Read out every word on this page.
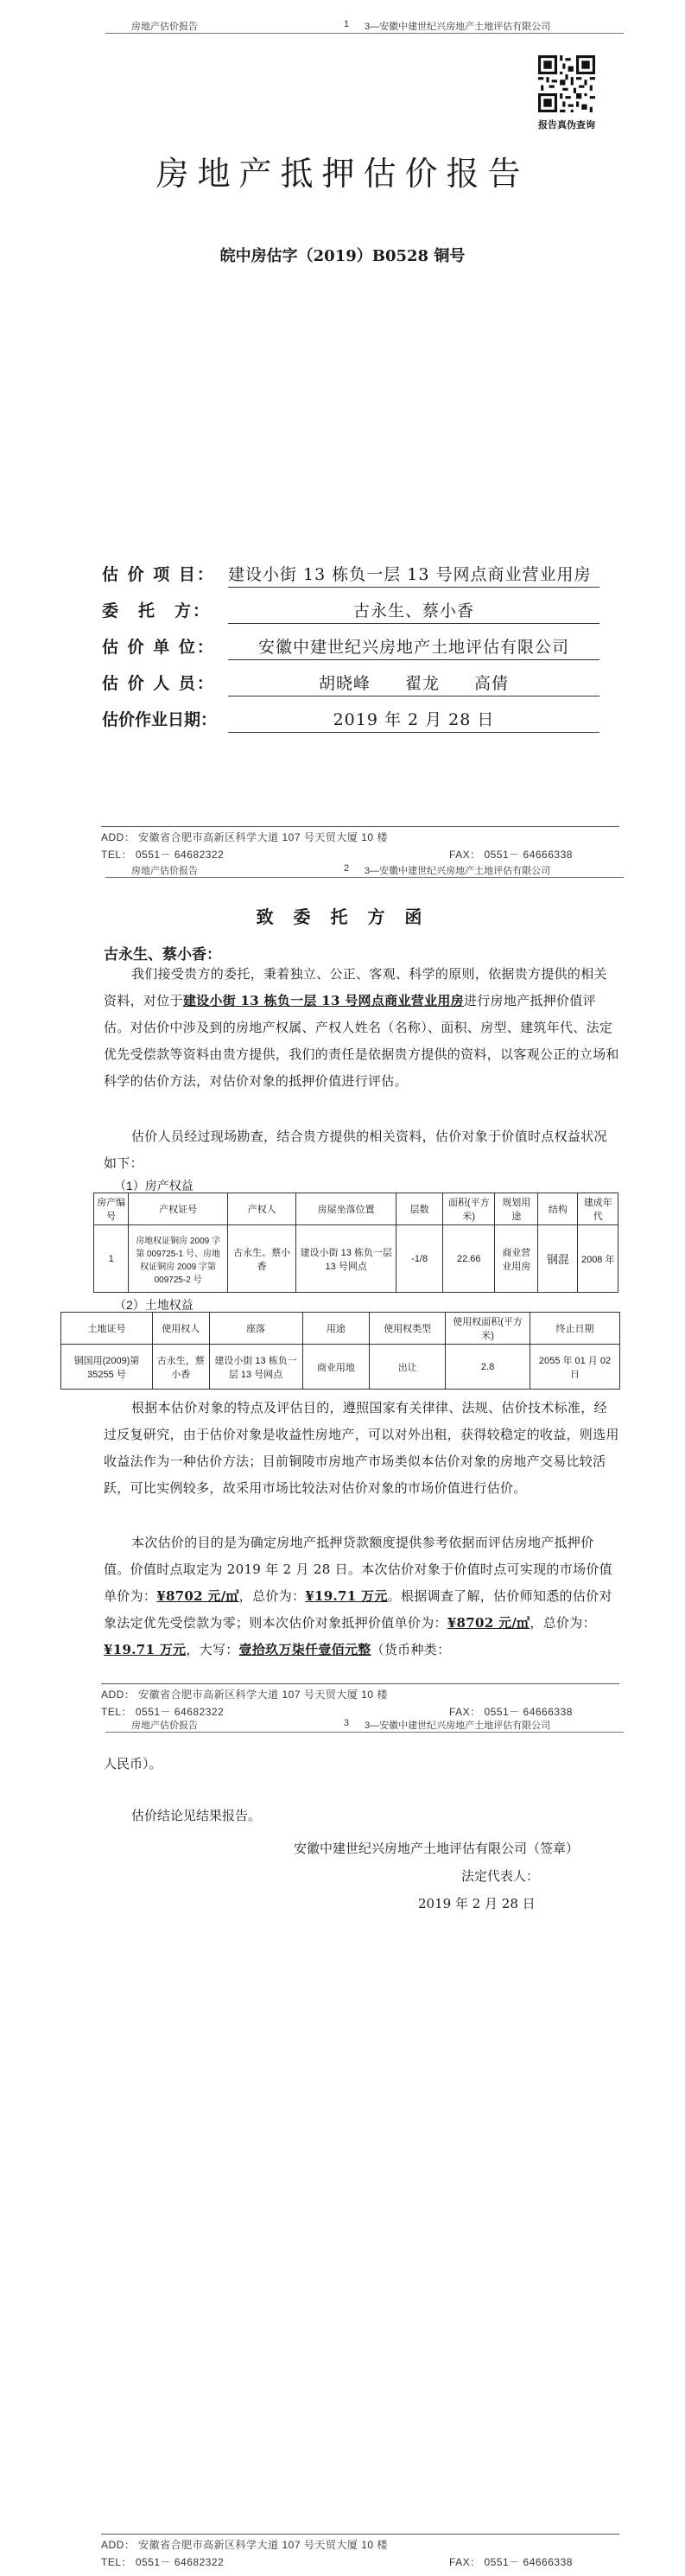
房地产估价报告	1 3—安徽中建世纪兴房地产土地评估有限公司
报告真伪查询
房地产抵押估价报告
皖中房估字（2019）B0528 铜号
估 价 项 目： 建设小街 13 栋负一层 13 号网点商业营业用房
委　托　方：	古永生、蔡小香
估 价 单 位：	安徽中建世纪兴房地产土地评估有限公司
估 价 人 员：	胡晓峰　　翟龙　　高倩
估价作业日期：	2019 年 2 月 28 日
ADD： 安徽省合肥市高新区科学大道 107 号天贸大厦 10 楼
TEL： 0551－ 64682322	FAX： 0551－ 64666338
房地产估价报告	2 3—安徽中建世纪兴房地产土地评估有限公司
致 委 托 方 函
古永生、蔡小香：
我们接受贵方的委托，秉着独立、公正、客观、科学的原则，依据贵方提供的相关资料，对位于建设小街 13 栋负一层 13 号网点商业营业用房进行房地产抵押价值评估。对估价中涉及到的房地产权属、产权人姓名（名称）、面积、房型、建筑年代、法定优先受偿款等资料由贵方提供，我们的责任是依据贵方提供的资料，以客观公正的立场和科学的估价方法，对估价对象的抵押价值进行评估。
估价人员经过现场勘查，结合贵方提供的相关资料，估价对象于价值时点权益状况如下：
（1）房产权益
房产编号	产权证号	产权人	房屋坐落位置	层数	面积(平方米)	规划用途	结构	建成年代
1	房地权证铜房 2009 字第 009725-1 号、房地权证铜房 2009 字第 009725-2 号	古永生、蔡小香	建设小街 13 栋负一层 13 号网点	-1/8	22.66	商业营业用房	钢混	2008 年
（2）土地权益
土地证号	使用权人	座落	用途	使用权类型	使用权面积(平方米)	终止日期
铜国用(2009)第 35255 号	古永生，蔡小香	建设小街 13 栋负一层 13 号网点	商业用地	出让	2.8	2055 年 01 月 02 日
根据本估价对象的特点及评估目的，遵照国家有关律律、法规、估价技术标准，经过反复研究，由于估价对象是收益性房地产，可以对外出租，获得较稳定的收益，则选用收益法作为一种估价方法；目前铜陵市房地产市场类似本估价对象的房地产交易比较活跃，可比实例较多，故采用市场比较法对估价对象的市场价值进行估价。
本次估价的目的是为确定房地产抵押贷款额度提供参考依据而评估房地产抵押价值。价值时点取定为 2019 年 2 月 28 日。本次估价对象于价值时点可实现的市场价值单价为：¥8702 元/㎡，总价为：¥19.71 万元。根据调查了解，估价师知悉的估价对象法定优先受偿款为零；则本次估价对象抵押价值单价为：¥8702 元/㎡，总价为：¥19.71 万元，大写：壹拾玖万柒仟壹佰元整（货币种类：
ADD： 安徽省合肥市高新区科学大道 107 号天贸大厦 10 楼
TEL： 0551－ 64682322	FAX： 0551－ 64666338
房地产估价报告	3 3—安徽中建世纪兴房地产土地评估有限公司
人民币）。
估价结论见结果报告。
安徽中建世纪兴房地产土地评估有限公司（签章）
法定代表人：
2019 年 2 月 28 日
ADD： 安徽省合肥市高新区科学大道 107 号天贸大厦 10 楼
TEL： 0551－ 64682322	FAX： 0551－ 64666338
